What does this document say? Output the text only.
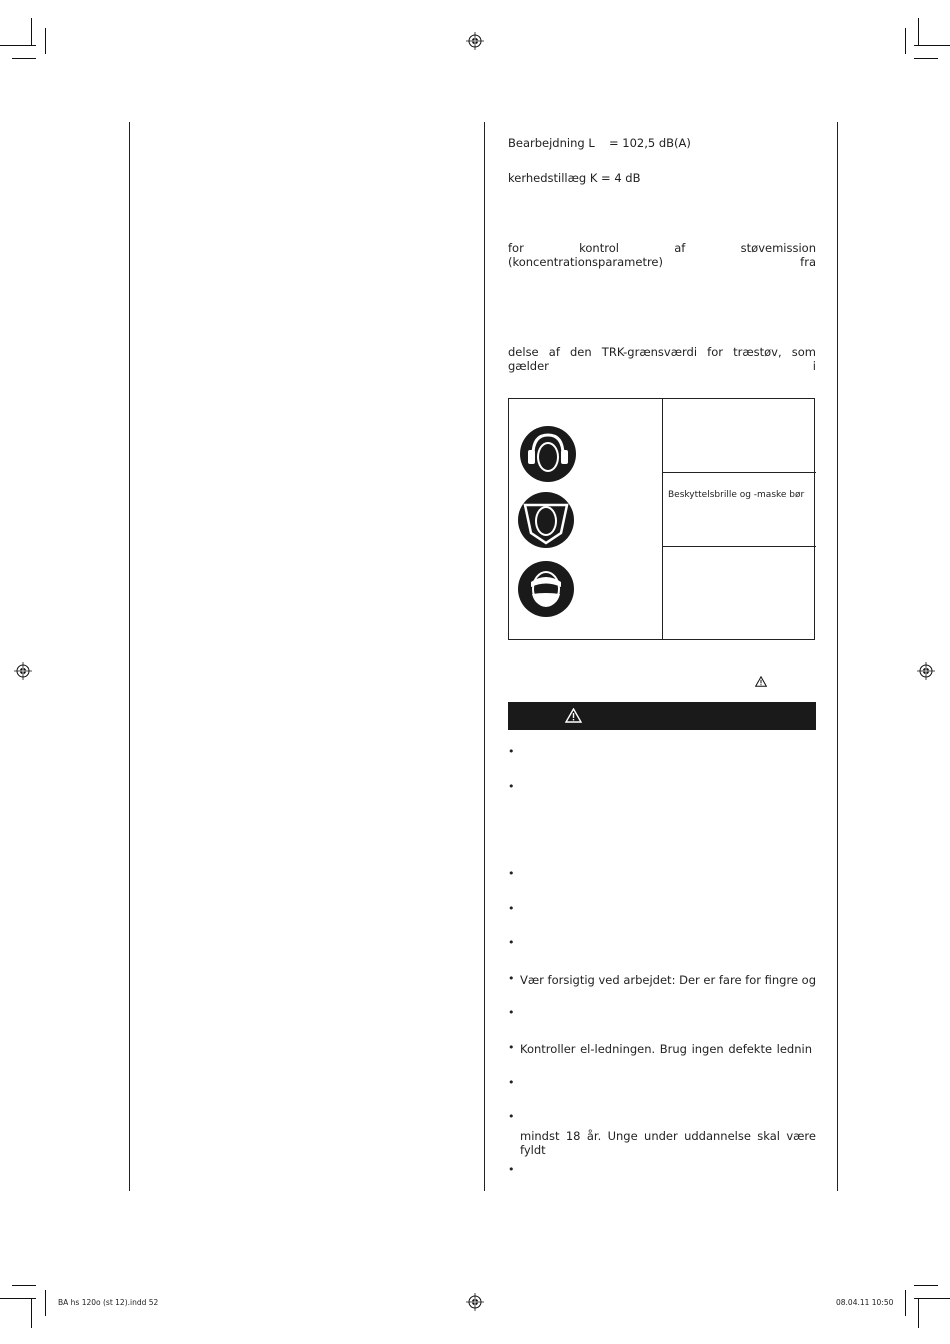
Bearbejdning L = 102,5 dB(A)
kerhedstillæg K = 4 dB
for kontrol af støvemission (koncentrationsparametre) fra
delse af den TRK-grænsværdi for træstøv, som gælder i
Beskyttelsbrille og -maske bør
•
•
•
•
•
• Vær forsigtig ved arbejdet: Der er fare for fingre og
•
• Kontroller el-ledningen. Brug ingen defekte lednin
•
•
mindst 18 år. Unge under uddannelse skal være fyldt
•
BA hs 120o (st 12).indd 52	08.04.11 10:50
